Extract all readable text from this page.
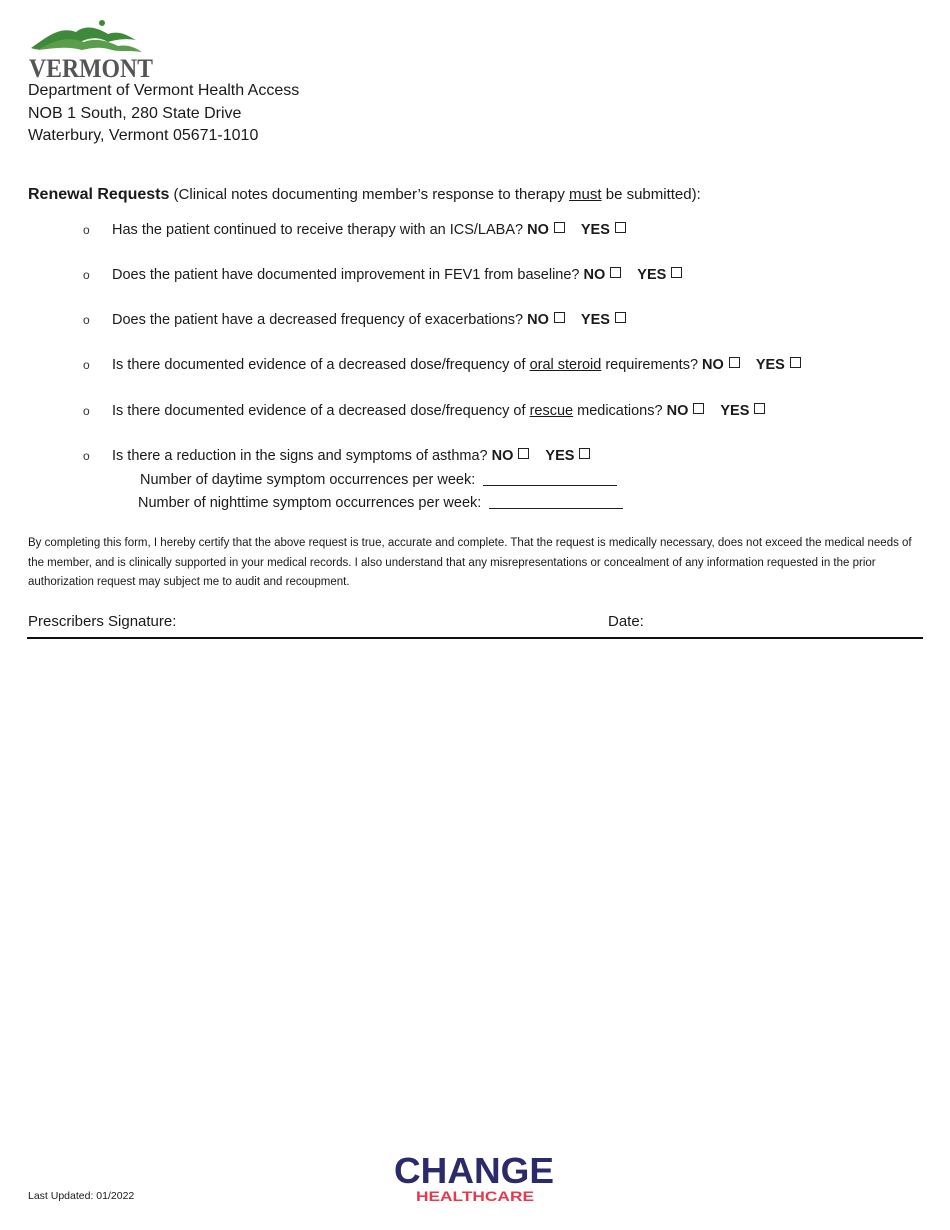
VERMONT
Department of Vermont Health Access
NOB 1 South, 280 State Drive
Waterbury, Vermont 05671-1010
Renewal Requests (Clinical notes documenting member’s response to therapy must be submitted):
o Has the patient continued to receive therapy with an ICS/LABA? NO YES
o Does the patient have documented improvement in FEV1 from baseline? NO YES
o Does the patient have a decreased frequency of exacerbations? NO YES
o Is there documented evidence of a decreased dose/frequency of oral steroid requirements? NO YES
o Is there documented evidence of a decreased dose/frequency of rescue medications? NO YES
o Is there a reduction in the signs and symptoms of asthma? NO YES
Number of daytime symptom occurrences per week:
Number of nighttime symptom occurrences per week:
By completing this form, I hereby certify that the above request is true, accurate and complete. That the request is medically necessary, does not exceed the medical needs of the member, and is clinically supported in your medical records. I also understand that any misrepresentations or concealment of any information requested in the prior authorization request may subject me to audit and recoupment.
Prescribers Signature:	Date:
Last Updated: 01/2022
CHANGE
HEALTHCARE
